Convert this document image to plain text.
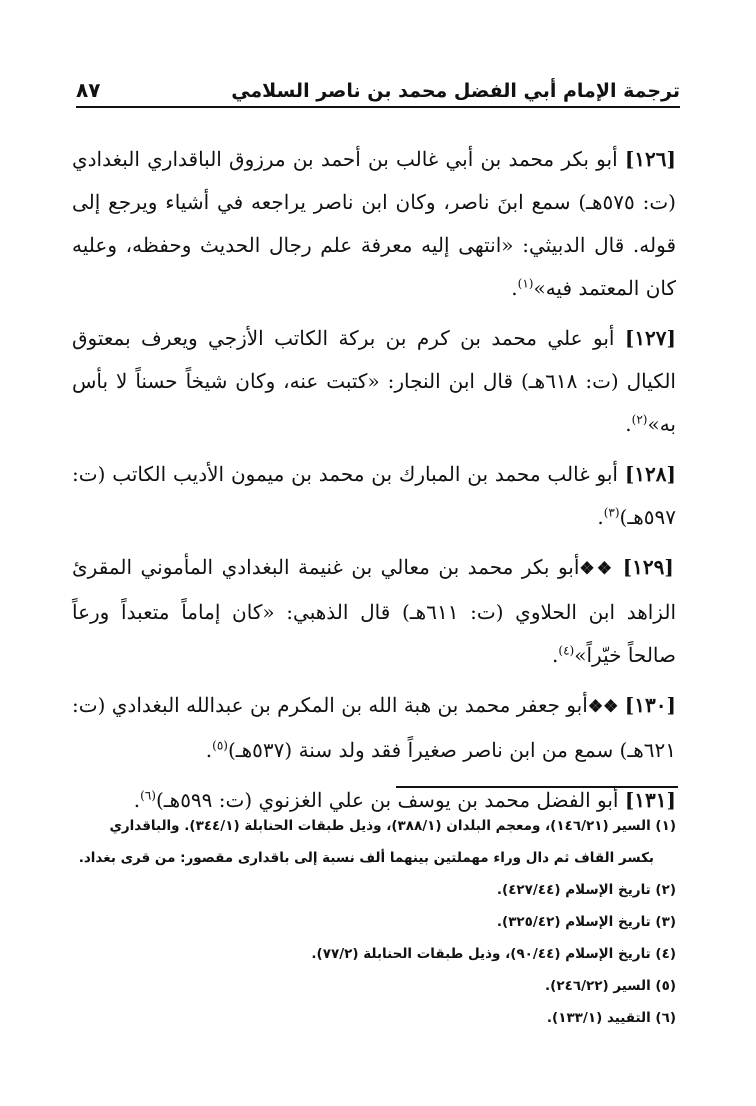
ترجمة الإمام أبي الفضل محمد بن ناصر السلامي
٨٧

[١٢٦] أبو بكر محمد بن أبي غالب بن أحمد بن مرزوق الباقداري البغدادي (ت: ٥٧٥هـ) سمع ابنَ ناصر، وكان ابن ناصر يراجعه في أشياء ويرجع إلى قوله. قال الدبيثي: «انتهى إليه معرفة علم رجال الحديث وحفظه، وعليه كان المعتمد فيه»$^{(١)}$.

[١٢٧] أبو علي محمد بن كرم بن بركة الكاتب الأزجي ويعرف بمعتوق الكيال (ت: ٦١٨هـ) قال ابن النجار: «كتبت عنه، وكان شيخاً حسناً لا بأس به»$^{(٢)}$.

[١٢٨] أبو غالب محمد بن المبارك بن محمد بن ميمون الأديب الكاتب (ت: ٥٩٧هـ)$^{(٣)}$.

[١٢٩] ❖❖أبو بكر محمد بن معالي بن غنيمة البغدادي المأموني المقرئ الزاهد ابن الحلاوي (ت: ٦١١هـ) قال الذهبي: «كان إماماً متعبداً ورعاً صالحاً خيّراً»$^{(٤)}$.

[١٣٠] ❖❖أبو جعفر محمد بن هبة الله بن المكرم بن عبدالله البغدادي (ت: ٦٢١هـ) سمع من ابن ناصر صغيراً فقد ولد سنة (٥٣٧هـ)$^{(٥)}$.

[١٣١] أبو الفضل محمد بن يوسف بن علي الغزنوي (ت: ٥٩٩هـ)$^{(٦)}$.

(١) السير (١٤٦/٢١)، ومعجم البلدان (٣٨٨/١)، وذيل طبقات الحنابلة (٣٤٤/١). والباقداري

بكسر القاف ثم دال وراء مهملتين بينهما ألف نسبة إلى باقدارى مقصور: من قرى بغداد.

(٢) تاريخ الإسلام (٤٢٧/٤٤).

(٣) تاريخ الإسلام (٣٢٥/٤٢).

(٤) تاريخ الإسلام (٩٠/٤٤)، وذيل طبقات الحنابلة (٧٧/٢).

(٥) السير (٢٤٦/٢٢).

(٦) التقييد (١٣٣/١).
